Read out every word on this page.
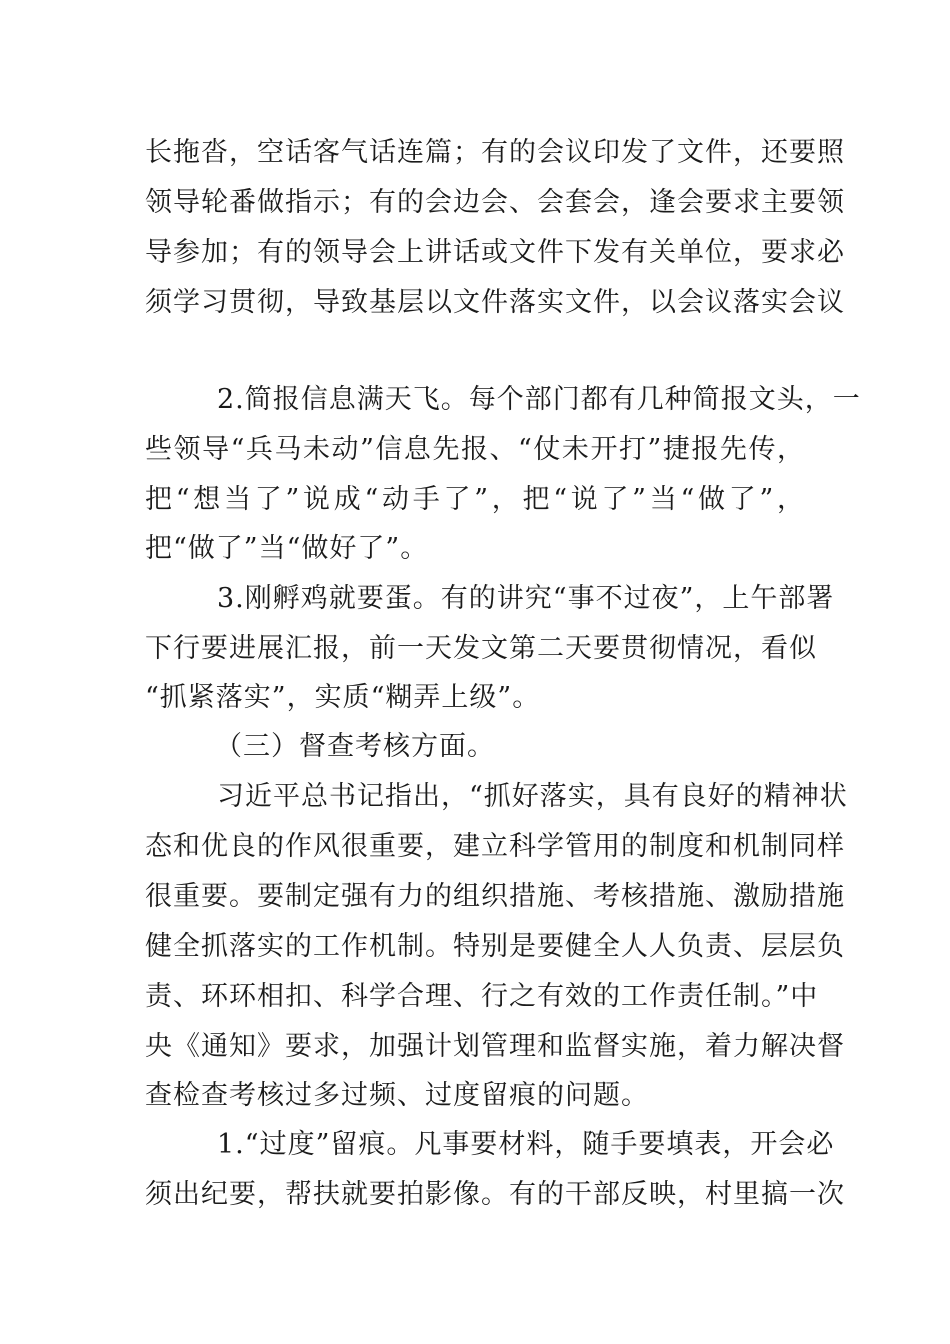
长拖沓，空话客气话连篇；有的会议印发了文件，还要照
领导轮番做指示；有的会边会、会套会，逢会要求主要领
导参加；有的领导会上讲话或文件下发有关单位，要求必
须学习贯彻，导致基层以文件落实文件，以会议落实会议
2.简报信息满天飞。每个部门都有几种简报文头，一
些领导“兵马未动”信息先报、“仗未开打”捷报先传，
把“想当了”说成“动手了”，把“说了”当“做了”，
把“做了”当“做好了”。
3.刚孵鸡就要蛋。有的讲究“事不过夜”，上午部署
下行要进展汇报，前一天发文第二天要贯彻情况，看似
“抓紧落实”，实质“糊弄上级”。
（三）督查考核方面。
习近平总书记指出，“抓好落实，具有良好的精神状
态和优良的作风很重要，建立科学管用的制度和机制同样
很重要。要制定强有力的组织措施、考核措施、激励措施
健全抓落实的工作机制。特别是要健全人人负责、层层负
责、环环相扣、科学合理、行之有效的工作责任制。”中
央《通知》要求，加强计划管理和监督实施，着力解决督
查检查考核过多过频、过度留痕的问题。
1.“过度”留痕。凡事要材料，随手要填表，开会必
须出纪要，帮扶就要拍影像。有的干部反映，村里搞一次
